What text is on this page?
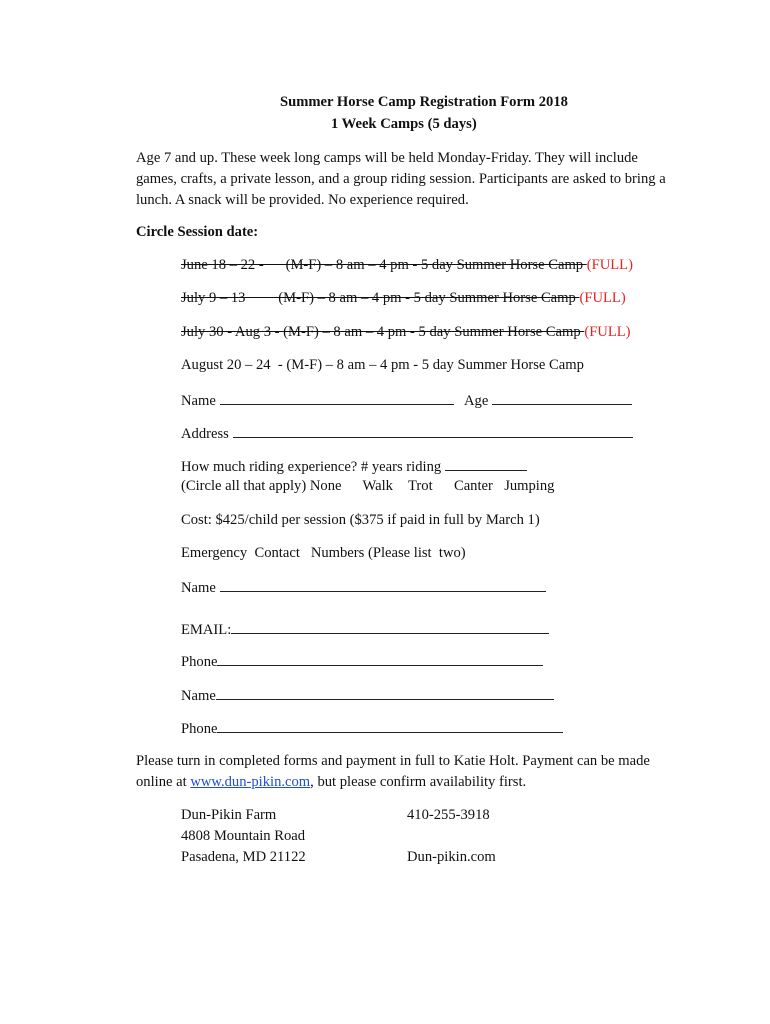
Summer Horse Camp Registration Form 2018
1 Week Camps (5 days)
Age 7 and up. These week long camps will be held Monday-Friday. They will include games, crafts, a private lesson, and a group riding session. Participants are asked to bring a lunch. A snack will be provided. No experience required.
Circle Session date:
June 18 – 22 -      (M-F) – 8 am – 4 pm - 5 day Summer Horse Camp (FULL)
July 9 – 13         (M-F) – 8 am – 4 pm - 5 day Summer Horse Camp (FULL)
July 30 - Aug 3 - (M-F) – 8 am – 4 pm - 5 day Summer Horse Camp (FULL)
August 20 – 24  - (M-F) – 8 am – 4 pm - 5 day Summer Horse Camp
Name	Age
Address
How much riding experience? # years riding
(Circle all that apply) None Walk Trot Canter Jumping
Cost: $425/child per session ($375 if paid in full by March 1)
Emergency  Contact   Numbers (Please list  two)
Name
EMAIL:
Phone
Name
Phone
Please turn in completed forms and payment in full to Katie Holt. Payment can be made
online at www.dun-pikin.com, but please confirm availability first.
Dun-Pikin Farm
4808 Mountain Road
Pasadena, MD 21122
410-255-3918
Dun-pikin.com
